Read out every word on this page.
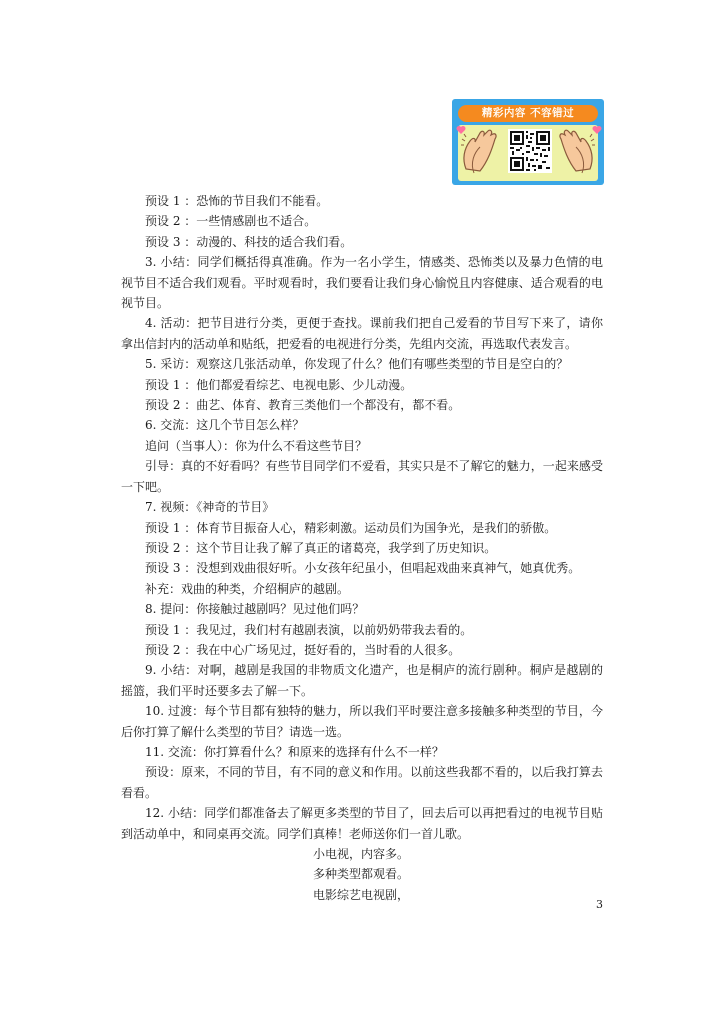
精彩内容 不容错过

预设 1 ：恐怖的节目我们不能看。

预设 2 ：一些情感剧也不适合。

预设 3 ：动漫的、科技的适合我们看。

3. 小结：同学们概括得真准确。作为一名小学生，情感类、恐怖类以及暴力色情的电视节目不适合我们观看。平时观看时，我们要看让我们身心愉悦且内容健康、适合观看的电视节目。

4. 活动：把节目进行分类，更便于查找。课前我们把自己爱看的节目写下来了，请你拿出信封内的活动单和贴纸，把爱看的电视进行分类，先组内交流，再选取代表发言。

5. 采访：观察这几张活动单，你发现了什么？他们有哪些类型的节目是空白的？

预设 1 ：他们都爱看综艺、电视电影、少儿动漫。

预设 2 ：曲艺、体育、教育三类他们一个都没有，都不看。

6. 交流：这几个节目怎么样？

追问（当事人）：你为什么不看这些节目？

引导：真的不好看吗？有些节目同学们不爱看，其实只是不了解它的魅力，一起来感受一下吧。

7. 视频：《神奇的节目》

预设 1 ：体育节目振奋人心，精彩刺激。运动员们为国争光，是我们的骄傲。

预设 2 ：这个节目让我了解了真正的诸葛亮，我学到了历史知识。

预设 3 ：没想到戏曲很好听。小女孩年纪虽小，但唱起戏曲来真神气，她真优秀。

补充：戏曲的种类，介绍桐庐的越剧。

8. 提问：你接触过越剧吗？见过他们吗？

预设 1 ：我见过，我们村有越剧表演，以前奶奶带我去看的。

预设 2 ：我在中心广场见过，挺好看的，当时看的人很多。

9. 小结：对啊，越剧是我国的非物质文化遗产，也是桐庐的流行剧种。桐庐是越剧的摇篮，我们平时还要多去了解一下。

10. 过渡：每个节目都有独特的魅力，所以我们平时要注意多接触多种类型的节目，今后你打算了解什么类型的节目？请选一选。

11. 交流：你打算看什么？和原来的选择有什么不一样？

预设：原来，不同的节目，有不同的意义和作用。以前这些我都不看的，以后我打算去看看。

12. 小结：同学们都准备去了解更多类型的节目了，回去后可以再把看过的电视节目贴到活动单中，和同桌再交流。同学们真棒！老师送你们一首儿歌。

小电视，内容多。

多种类型都观看。

电影综艺电视剧，

3
